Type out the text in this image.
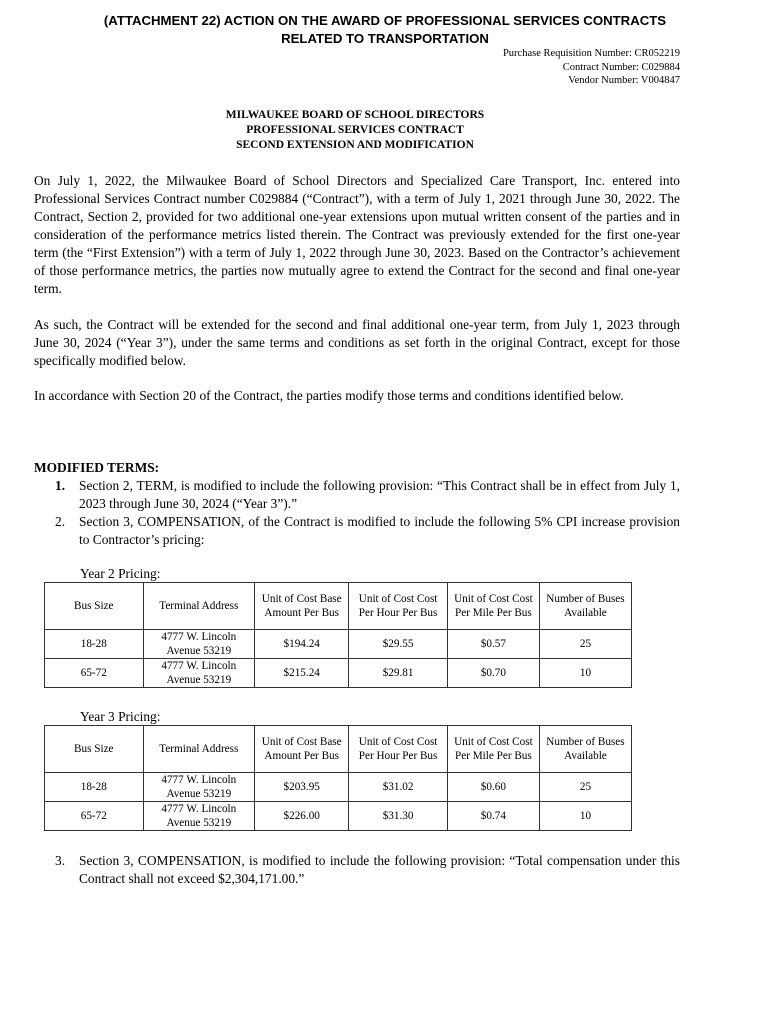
(ATTACHMENT 22) ACTION ON THE AWARD OF PROFESSIONAL SERVICES CONTRACTS
RELATED TO TRANSPORTATION
Purchase Requisition Number: CR052219
Contract Number: C029884
Vendor Number: V004847
MILWAUKEE BOARD OF SCHOOL DIRECTORS
PROFESSIONAL SERVICES CONTRACT
SECOND EXTENSION AND MODIFICATION
On July 1, 2022, the Milwaukee Board of School Directors and Specialized Care Transport, Inc. entered into Professional Services Contract number C029884 (“Contract”), with a term of July 1, 2021 through June 30, 2022. The Contract, Section 2, provided for two additional one-year extensions upon mutual written consent of the parties and in consideration of the performance metrics listed therein. The Contract was previously extended for the first one-year term (the “First Extension”) with a term of July 1, 2022 through June 30, 2023. Based on the Contractor’s achievement of those performance metrics, the parties now mutually agree to extend the Contract for the second and final one-year term.
As such, the Contract will be extended for the second and final additional one-year term, from July 1, 2023 through June 30, 2024 (“Year 3”), under the same terms and conditions as set forth in the original Contract, except for those specifically modified below.
In accordance with Section 20 of the Contract, the parties modify those terms and conditions identified below.
MODIFIED TERMS:
1.	Section 2, TERM, is modified to include the following provision: “This Contract shall be in effect from July 1, 2023 through June 30, 2024 (“Year 3”).”
2.	Section 3, COMPENSATION, of the Contract is modified to include the following 5% CPI increase provision to Contractor’s pricing:
Year 2 Pricing:
Bus Size	Terminal Address	Unit of Cost Base Amount Per Bus	Unit of Cost Cost Per Hour Per Bus	Unit of Cost Cost Per Mile Per Bus	Number of Buses Available
18-28	4777 W. Lincoln Avenue 53219	$194.24	$29.55	$0.57	25
65-72	4777 W. Lincoln Avenue 53219	$215.24	$29.81	$0.70	10
Year 3 Pricing:
Bus Size	Terminal Address	Unit of Cost Base Amount Per Bus	Unit of Cost Cost Per Hour Per Bus	Unit of Cost Cost Per Mile Per Bus	Number of Buses Available
18-28	4777 W. Lincoln Avenue 53219	$203.95	$31.02	$0.60	25
65-72	4777 W. Lincoln Avenue 53219	$226.00	$31.30	$0.74	10
3.	Section 3, COMPENSATION, is modified to include the following provision: “Total compensation under this Contract shall not exceed $2,304,171.00.”
